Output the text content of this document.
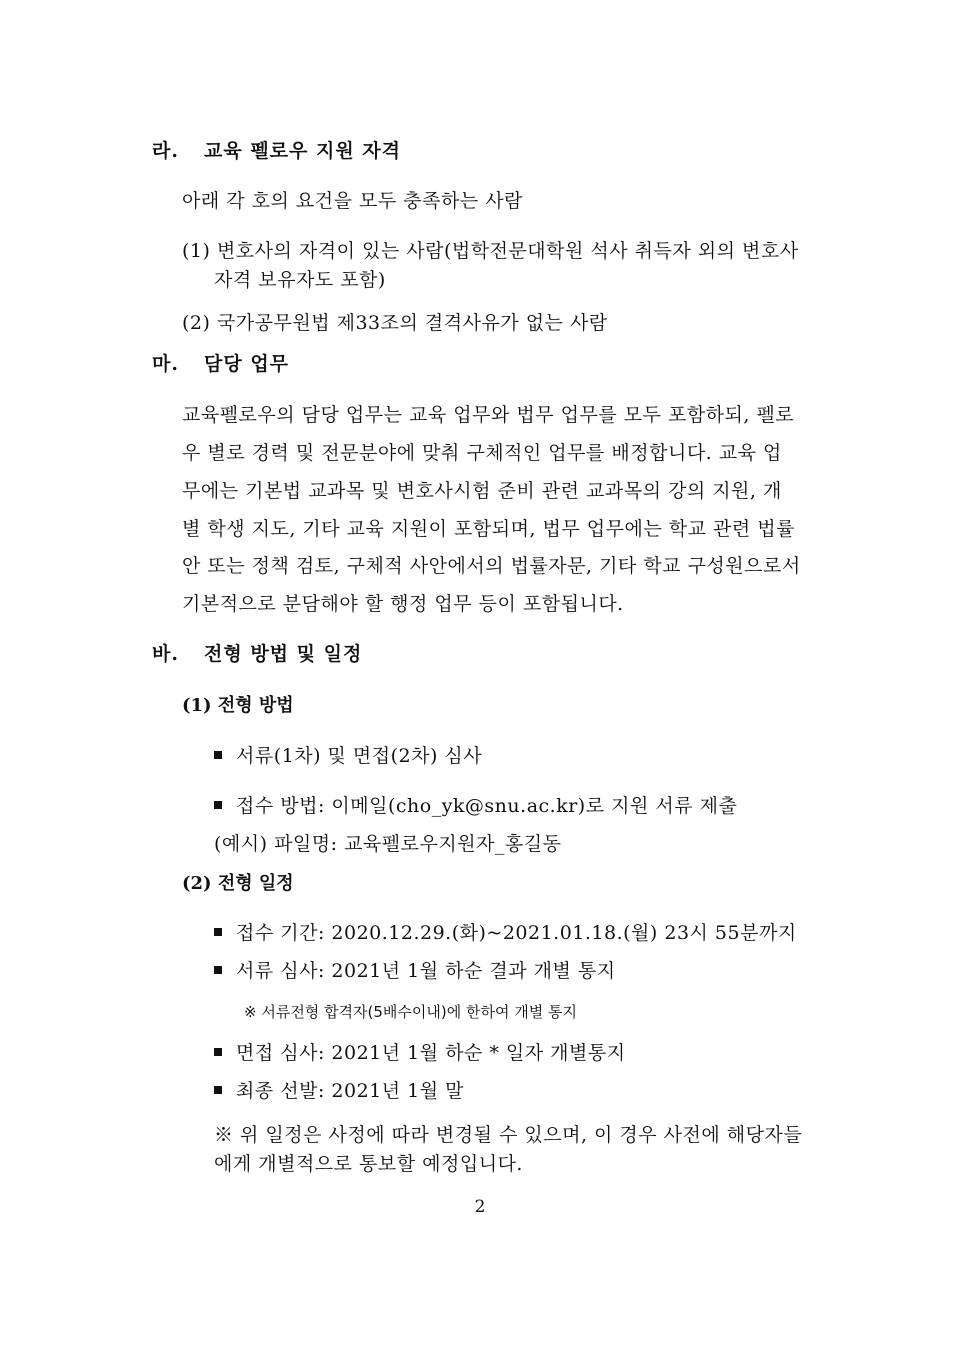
라. 교육 펠로우 지원 자격
아래 각 호의 요건을 모두 충족하는 사람
(1) 변호사의 자격이 있는 사람(법학전문대학원 석사 취득자 외의 변호사
자격 보유자도 포함)
(2) 국가공무원법 제33조의 결격사유가 없는 사람
마. 담당 업무
교육펠로우의 담당 업무는 교육 업무와 법무 업무를 모두 포함하되, 펠로
우 별로 경력 및 전문분야에 맞춰 구체적인 업무를 배정합니다. 교육 업
무에는 기본법 교과목 및 변호사시험 준비 관련 교과목의 강의 지원, 개
별 학생 지도, 기타 교육 지원이 포함되며, 법무 업무에는 학교 관련 법률
안 또는 정책 검토, 구체적 사안에서의 법률자문, 기타 학교 구성원으로서
기본적으로 분담해야 할 행정 업무 등이 포함됩니다.
바. 전형 방법 및 일정
(1) 전형 방법
서류(1차) 및 면접(2차) 심사
접수 방법: 이메일(cho_yk@snu.ac.kr)로 지원 서류 제출
(예시) 파일명: 교육펠로우지원자_홍길동
(2) 전형 일정
접수 기간: 2020.12.29.(화)~2021.01.18.(월) 23시 55분까지
서류 심사: 2021년 1월 하순 결과 개별 통지
※ 서류전형 합격자(5배수이내)에 한하여 개별 통지
면접 심사: 2021년 1월 하순 * 일자 개별통지
최종 선발: 2021년 1월 말
※ 위 일정은 사정에 따라 변경될 수 있으며, 이 경우 사전에 해당자들
에게 개별적으로 통보할 예정입니다.
2
